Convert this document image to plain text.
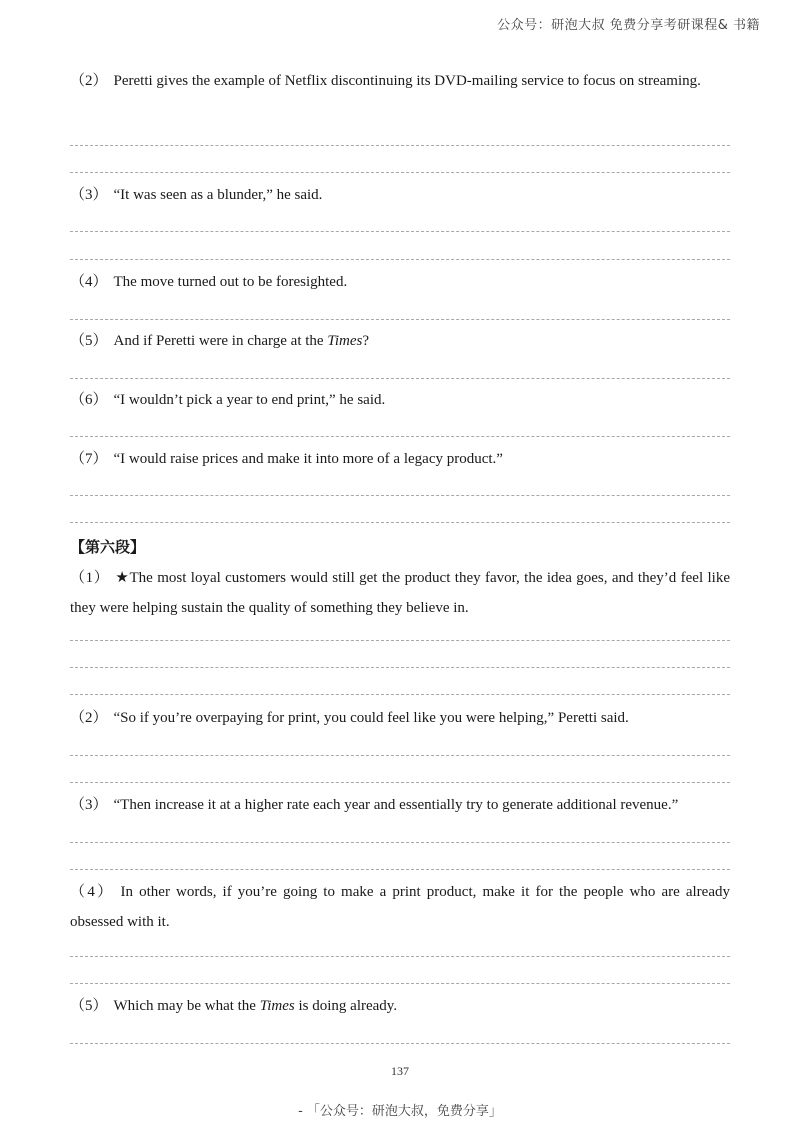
公众号：研泡大叔 免费分享考研课程& 书籍

（2） Peretti gives the example of Netflix discontinuing its DVD-mailing service to focus on streaming.

（3） “It was seen as a blunder,” he said.

（4） The move turned out to be foresighted.

（5） And if Peretti were in charge at the Times?

（6） “I wouldn’t pick a year to end print,” he said.

（7） “I would raise prices and make it into more of a legacy product.”

【第六段】

（1） ★The most loyal customers would still get the product they favor, the idea goes, and they’d feel like they were helping sustain the quality of something they believe in.

（2） “So if you’re overpaying for print, you could feel like you were helping,” Peretti said.

（3） “Then increase it at a higher rate each year and essentially try to generate additional revenue.”

（4） In other words, if you’re going to make a print product, make it for the people who are already obsessed with it.

（5） Which may be what the Times is doing already.

137
- 「公众号：研泡大叔，免费分享」
